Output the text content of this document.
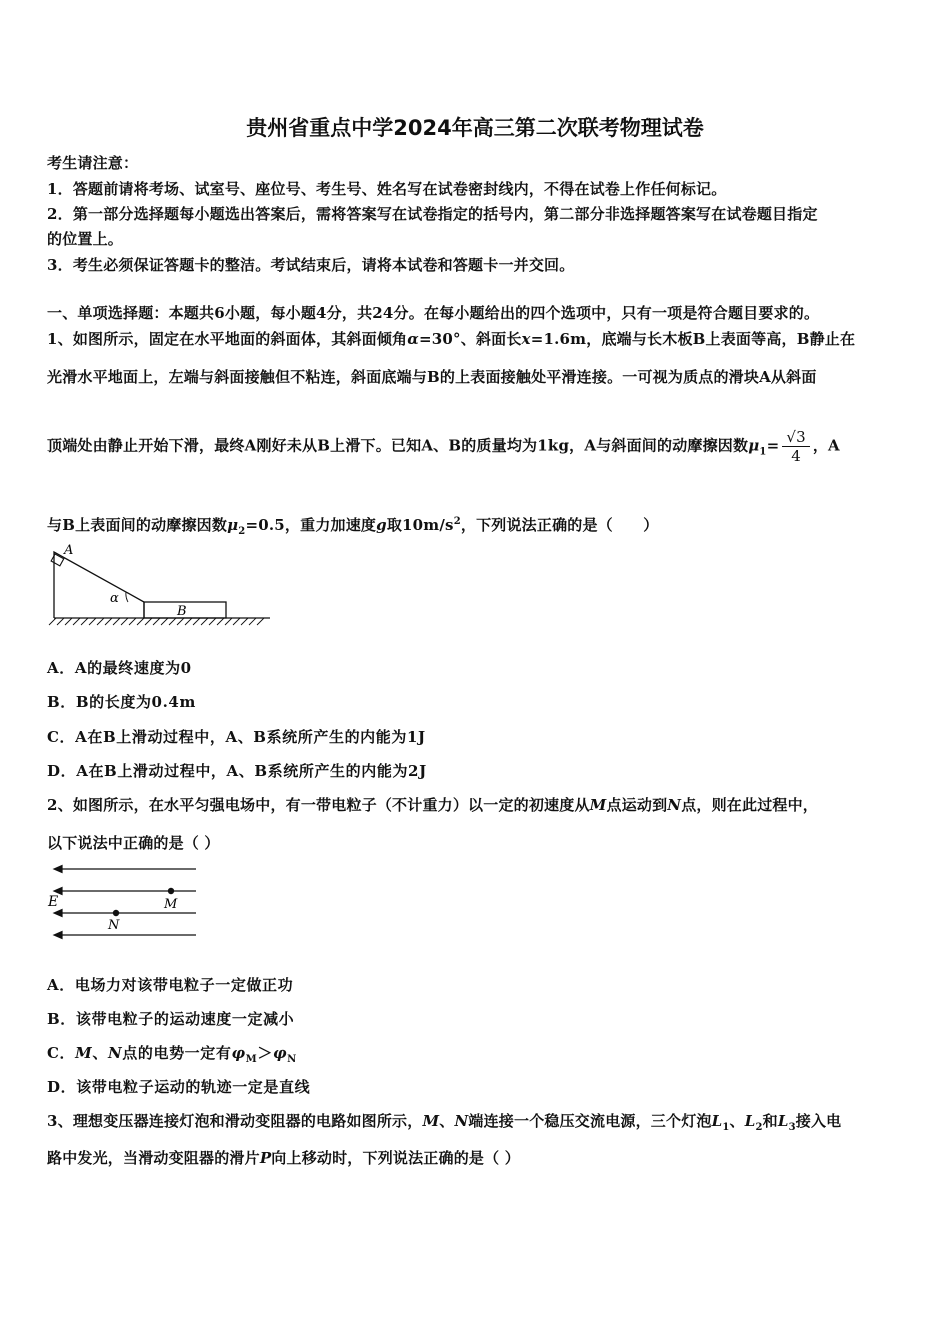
贵州省重点中学2024年高三第二次联考物理试卷
考生请注意：
1．答题前请将考场、试室号、座位号、考生号、姓名写在试卷密封线内，不得在试卷上作任何标记。
2．第一部分选择题每小题选出答案后，需将答案写在试卷指定的括号内，第二部分非选择题答案写在试卷题目指定
的位置上。
3．考生必须保证答题卡的整洁。考试结束后，请将本试卷和答题卡一并交回。
一、单项选择题：本题共6小题，每小题4分，共24分。在每小题给出的四个选项中，只有一项是符合题目要求的。
1、如图所示，固定在水平地面的斜面体，其斜面倾角α=30°、斜面长x=1.6m，底端与长木板B上表面等高，B静止在
光滑水平地面上，左端与斜面接触但不粘连，斜面底端与B的上表面接触处平滑连接。一可视为质点的滑块A从斜面
顶端处由静止开始下滑，最终A刚好未从B上滑下。已知A、B的质量均为1kg，A与斜面间的动摩擦因数$\mu_1= \frac{√3}{4}$ ，A
与B上表面间的动摩擦因数$\mu_2=0.5$，重力加速度g取$10m/s^2$，下列说法正确的是（　　）
A
α
B
A．A的最终速度为0
B．B的长度为0.4m
C．A在B上滑动过程中，A、B系统所产生的内能为1J
D．A在B上滑动过程中，A、B系统所产生的内能为2J
2、如图所示，在水平匀强电场中，有一带电粒子（不计重力）以一定的初速度从M点运动到N点，则在此过程中，
以下说法中正确的是（ ）
E	M
N
A．电场力对该带电粒子一定做正功
B．该带电粒子的运动速度一定减小
C．M、N点的电势一定有$\varphi_M>\varphi_N$
D．该带电粒子运动的轨迹一定是直线
3、理想变压器连接灯泡和滑动变阻器的电路如图所示，M、N端连接一个稳压交流电源，三个灯泡$L_1$、$L_2$和$L_3$接入电
路中发光，当滑动变阻器的滑片P向上移动时，下列说法正确的是（ ）
